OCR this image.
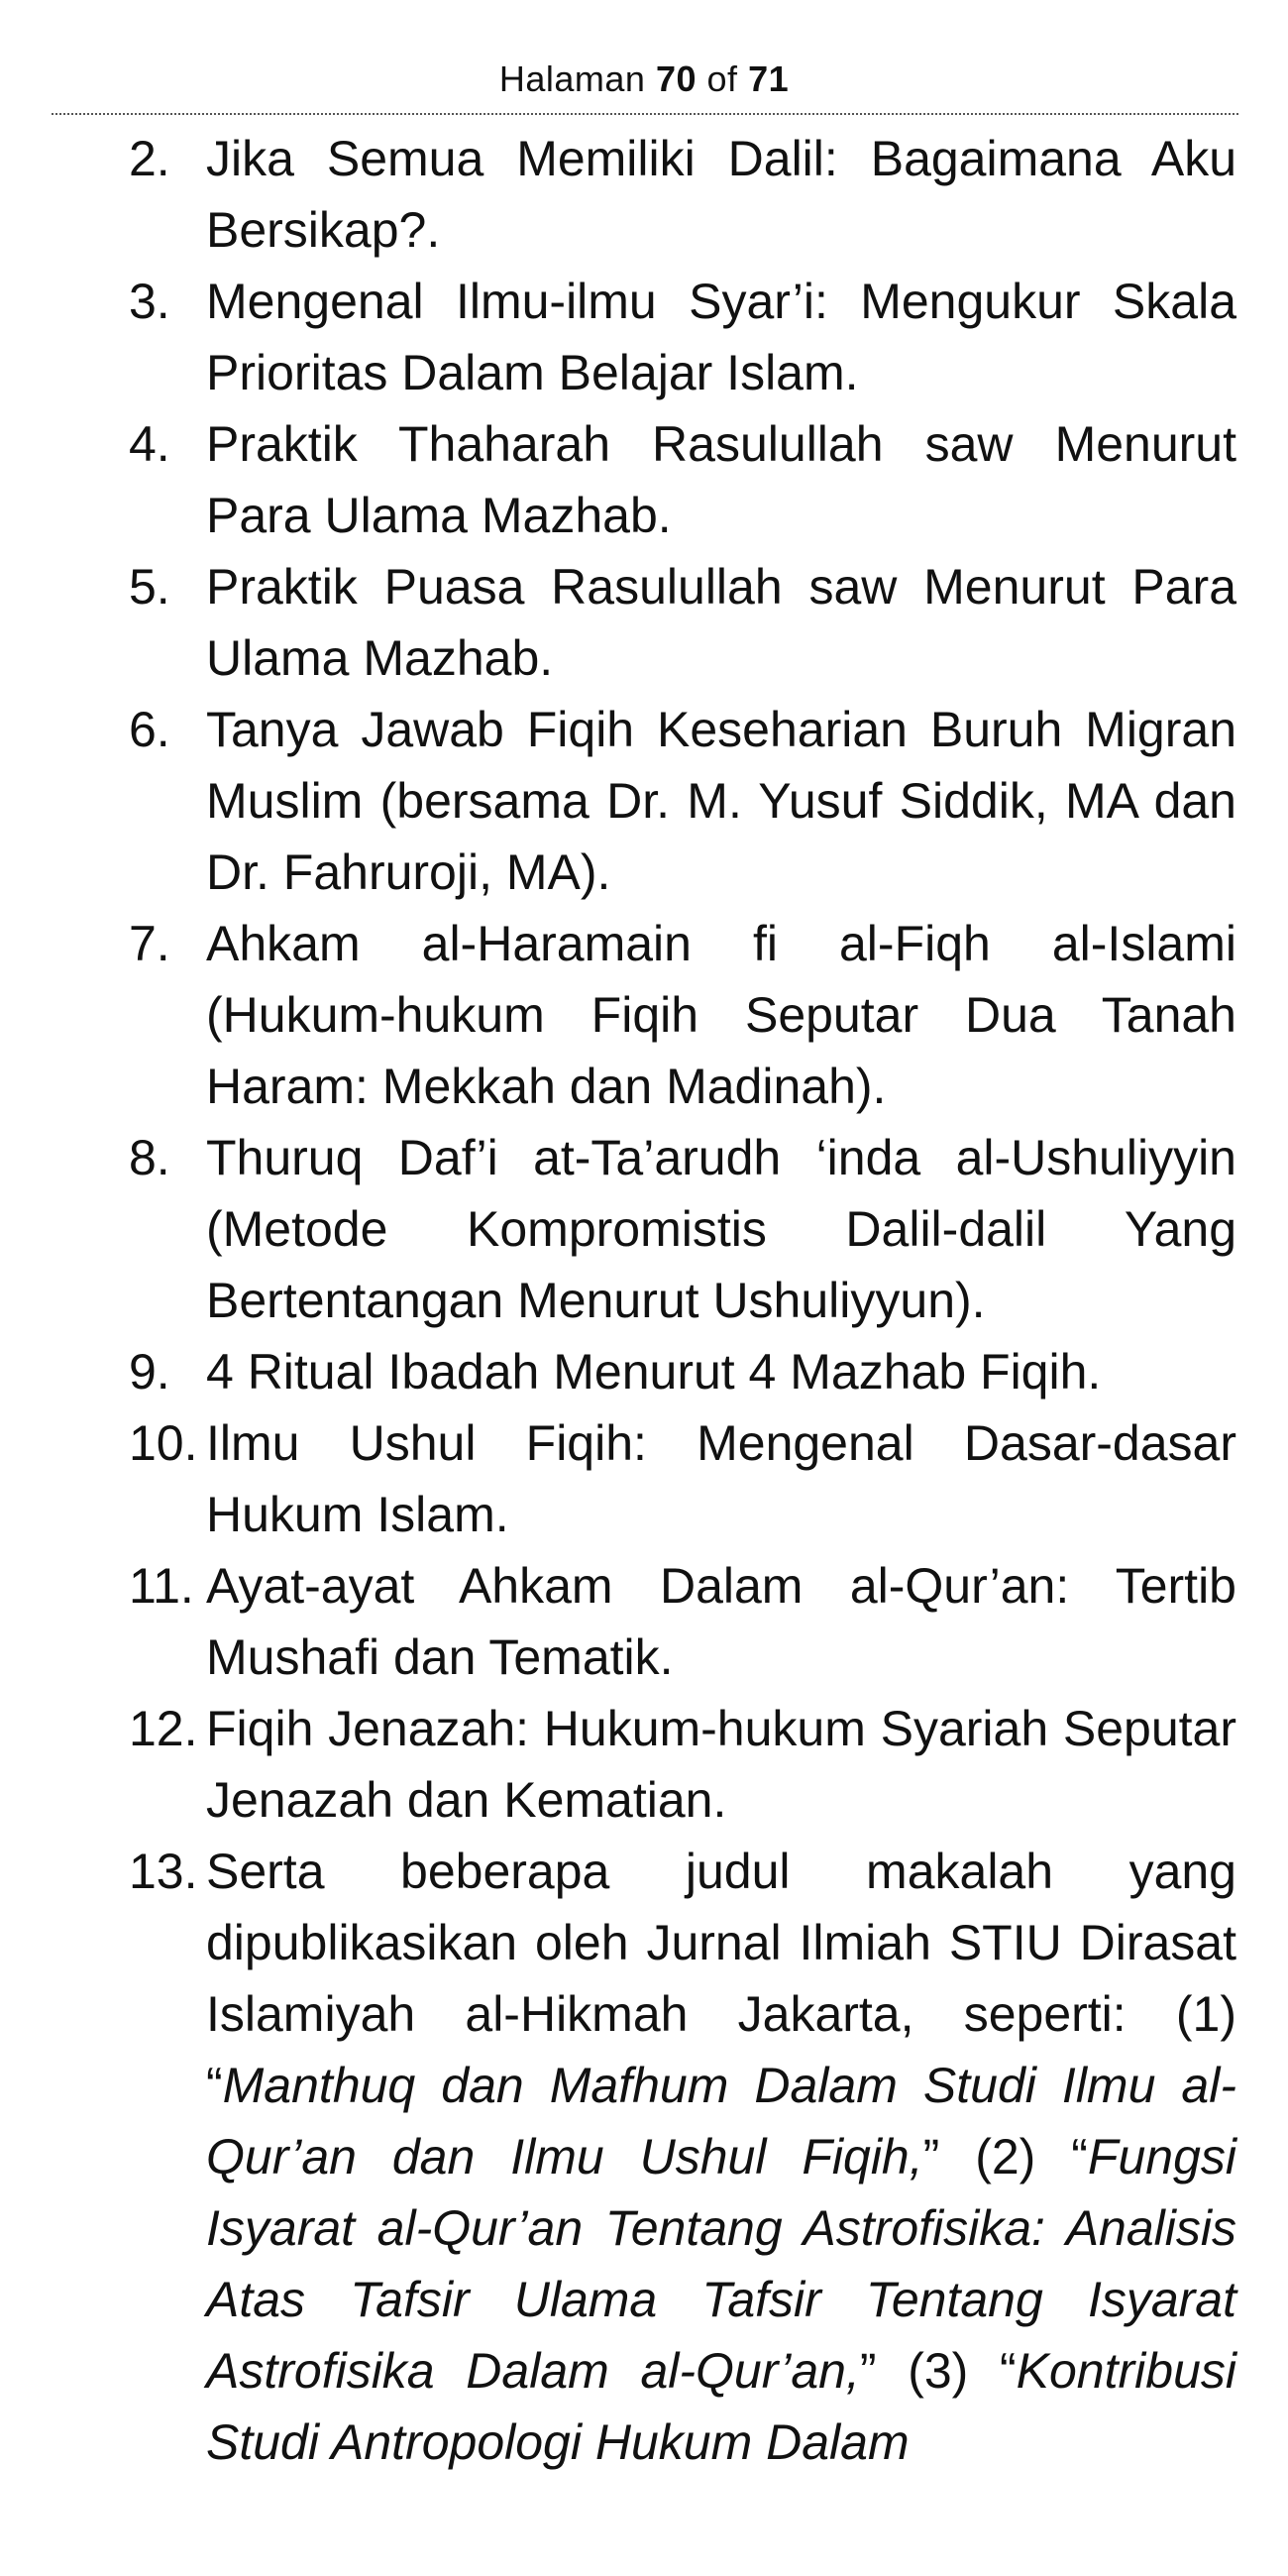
Halaman 70 of 71
2. Jika Semua Memiliki Dalil: Bagaimana Aku Bersikap?.
3. Mengenal Ilmu-ilmu Syar’i: Mengukur Skala Prioritas Dalam Belajar Islam.
4. Praktik Thaharah Rasulullah saw Menurut Para Ulama Mazhab.
5. Praktik Puasa Rasulullah saw Menurut Para Ulama Mazhab.
6. Tanya Jawab Fiqih Keseharian Buruh Migran Muslim (bersama Dr. M. Yusuf Siddik, MA dan Dr. Fahruroji, MA).
7. Ahkam al-Haramain fi al-Fiqh al-Islami (Hukum-hukum Fiqih Seputar Dua Tanah Haram: Mekkah dan Madinah).
8. Thuruq Daf’i at-Ta’arudh ‘inda al-Ushuliyyin (Metode Kompromistis Dalil-dalil Yang Bertentangan Menurut Ushuliyyun).
9. 4 Ritual Ibadah Menurut 4 Mazhab Fiqih.
10. Ilmu Ushul Fiqih: Mengenal Dasar-dasar Hukum Islam.
11. Ayat-ayat Ahkam Dalam al-Qur’an: Tertib Mushafi dan Tematik.
12. Fiqih Jenazah: Hukum-hukum Syariah Seputar Jenazah dan Kematian.
13. Serta beberapa judul makalah yang dipublikasikan oleh Jurnal Ilmiah STIU Dirasat Islamiyah al-Hikmah Jakarta, seperti: (1) “Manthuq dan Mafhum Dalam Studi Ilmu al-Qur’an dan Ilmu Ushul Fiqih,” (2) “Fungsi Isyarat al-Qur’an Tentang Astrofisika: Analisis Atas Tafsir Ulama Tafsir Tentang Isyarat Astrofisika Dalam al-Qur’an,” (3) “Kontribusi Studi Antropologi Hukum Dalam
